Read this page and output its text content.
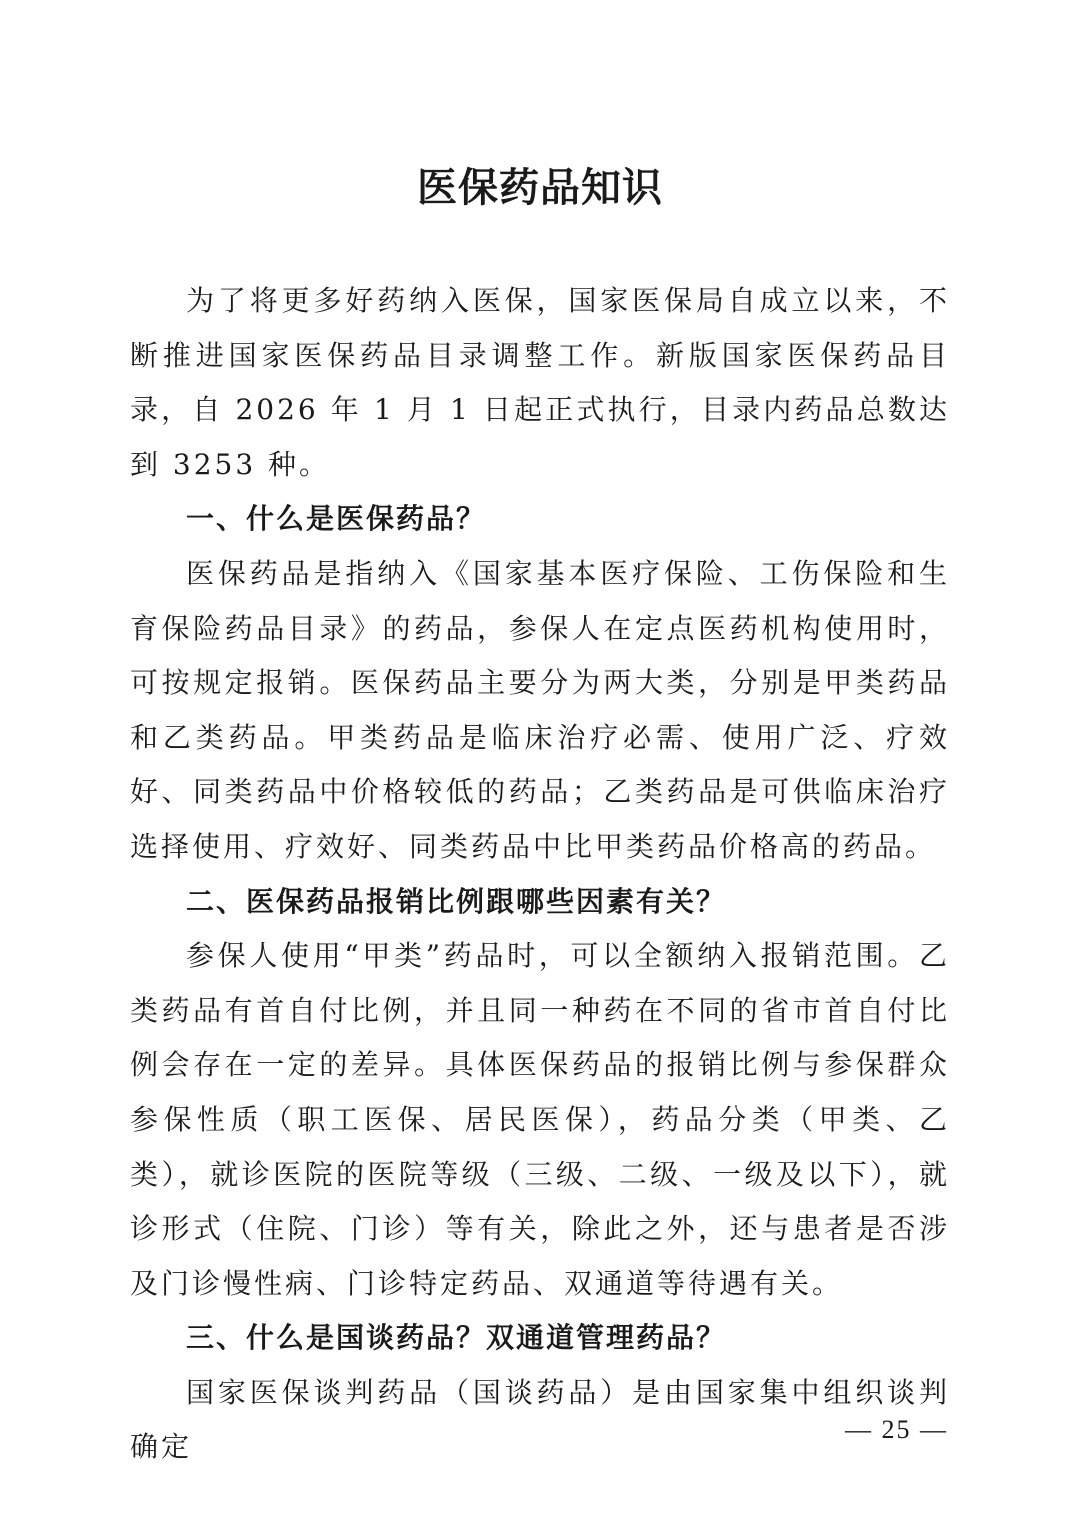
医保药品知识

为了将更多好药纳入医保，国家医保局自成立以来，不断推进国家医保药品目录调整工作。新版国家医保药品目录，自 2026 年 1 月 1 日起正式执行，目录内药品总数达到 3253 种。

一、什么是医保药品？

医保药品是指纳入《国家基本医疗保险、工伤保险和生育保险药品目录》的药品，参保人在定点医药机构使用时，可按规定报销。医保药品主要分为两大类，分别是甲类药品和乙类药品。甲类药品是临床治疗必需、使用广泛、疗效好、同类药品中价格较低的药品；乙类药品是可供临床治疗选择使用、疗效好、同类药品中比甲类药品价格高的药品。

二、医保药品报销比例跟哪些因素有关？

参保人使用“甲类”药品时，可以全额纳入报销范围。乙类药品有首自付比例，并且同一种药在不同的省市首自付比例会存在一定的差异。具体医保药品的报销比例与参保群众参保性质（职工医保、居民医保），药品分类（甲类、乙类），就诊医院的医院等级（三级、二级、一级及以下），就诊形式（住院、门诊）等有关，除此之外，还与患者是否涉及门诊慢性病、门诊特定药品、双通道等待遇有关。

三、什么是国谈药品？双通道管理药品？

国家医保谈判药品（国谈药品）是由国家集中组织谈判确定

— 25 —
